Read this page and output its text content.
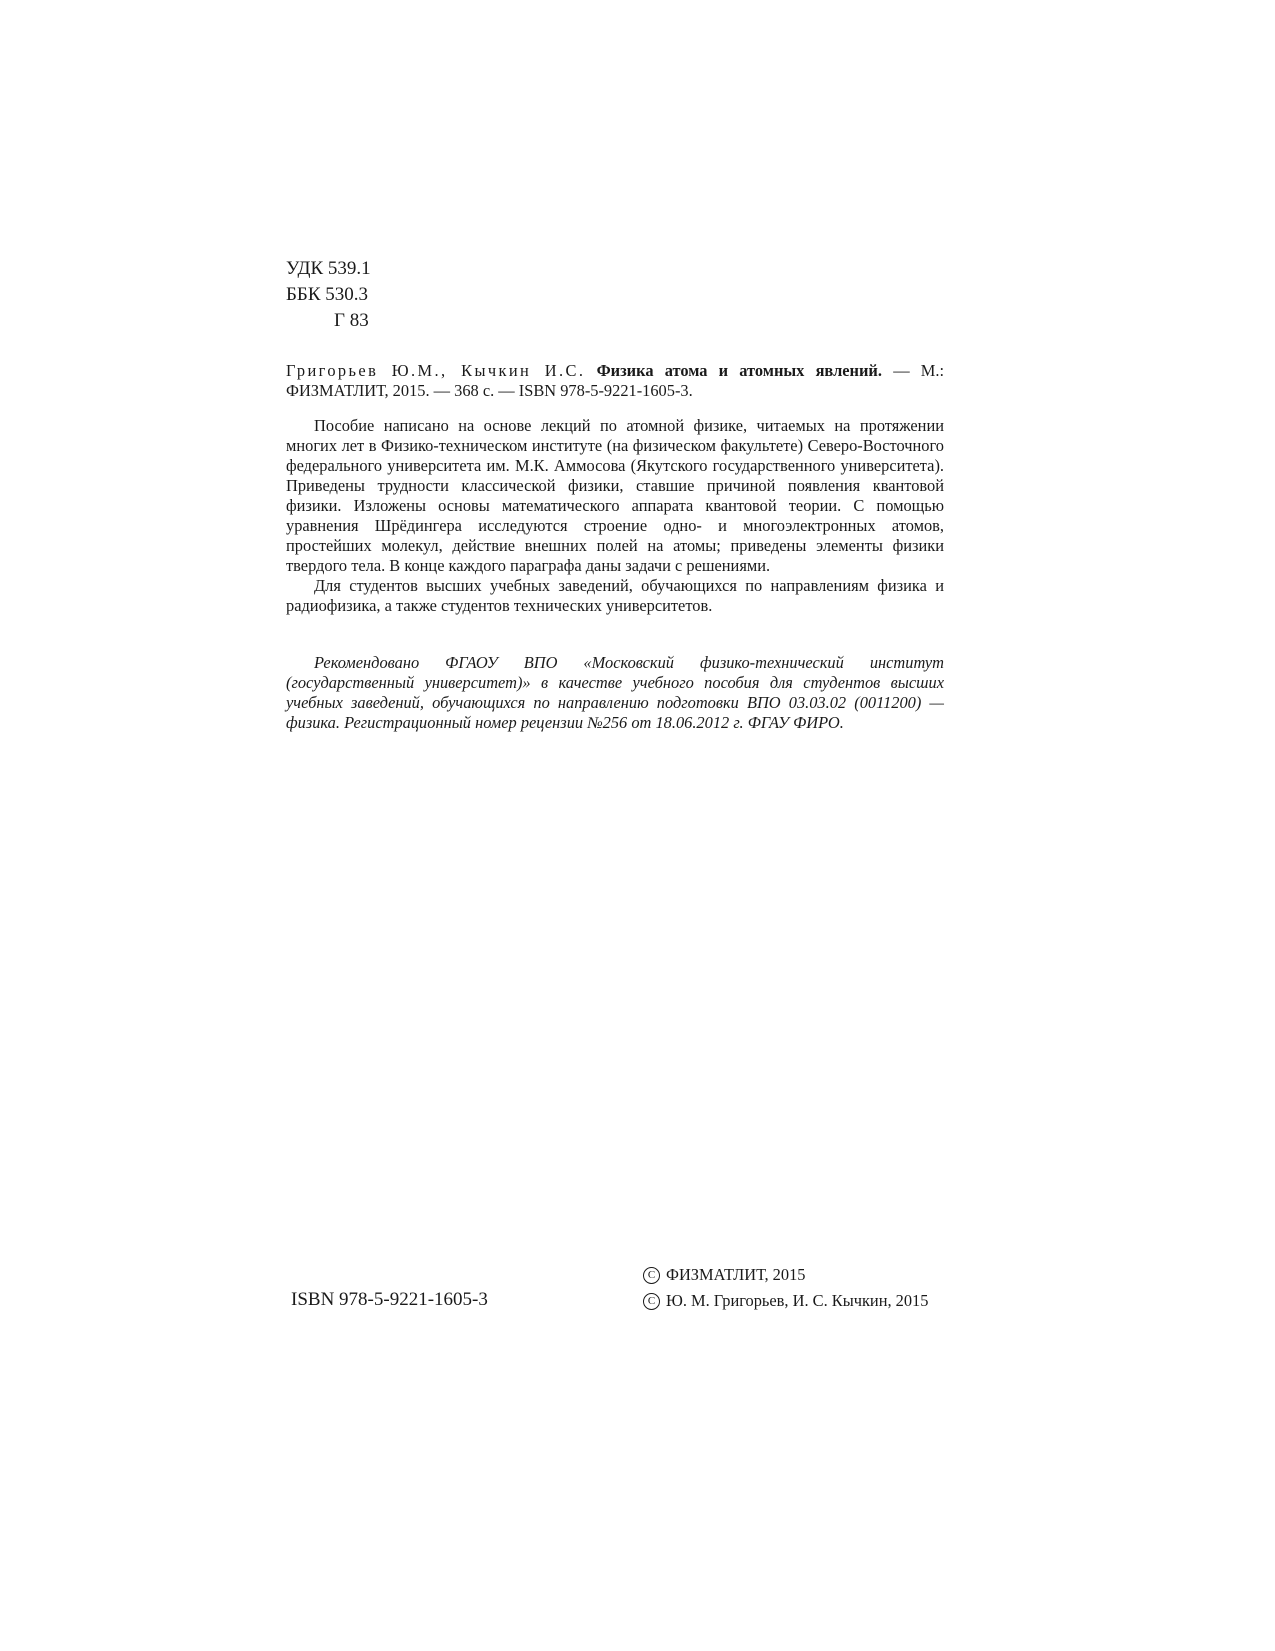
УДК 539.1
ББК 530.3
Г 83
Григорьев Ю.М., Кычкин И.С. Физика атома и атомных явлений. — М.: ФИЗМАТЛИТ, 2015. — 368 с. — ISBN 978-5-9221-1605-3.

Пособие написано на основе лекций по атомной физике, читаемых на протяжении многих лет в Физико-техническом институте (на физическом факультете) Северо-Восточного федерального университета им. М.К. Аммосова (Якутского государственного университета). Приведены трудности классической физики, ставшие причиной появления квантовой физики. Изложены основы математического аппарата квантовой теории. С помощью уравнения Шрёдингера исследуются строение одно- и многоэлектронных атомов, простейших молекул, действие внешних полей на атомы; приведены элементы физики твердого тела. В конце каждого параграфа даны задачи с решениями.

Для студентов высших учебных заведений, обучающихся по направлениям физика и радиофизика, а также студентов технических университетов.

Рекомендовано ФГАОУ ВПО «Московский физико-технический институт (государственный университет)» в качестве учебного пособия для студентов высших учебных заведений, обучающихся по направлению подготовки ВПО 03.03.02 (0011200) — физика. Регистрационный номер рецензии №256 от 18.06.2012 г. ФГАУ ФИРО.
ISBN 978-5-9221-1605-3
C ФИЗМАТЛИТ, 2015
C Ю. М. Григорьев, И. С. Кычкин, 2015
